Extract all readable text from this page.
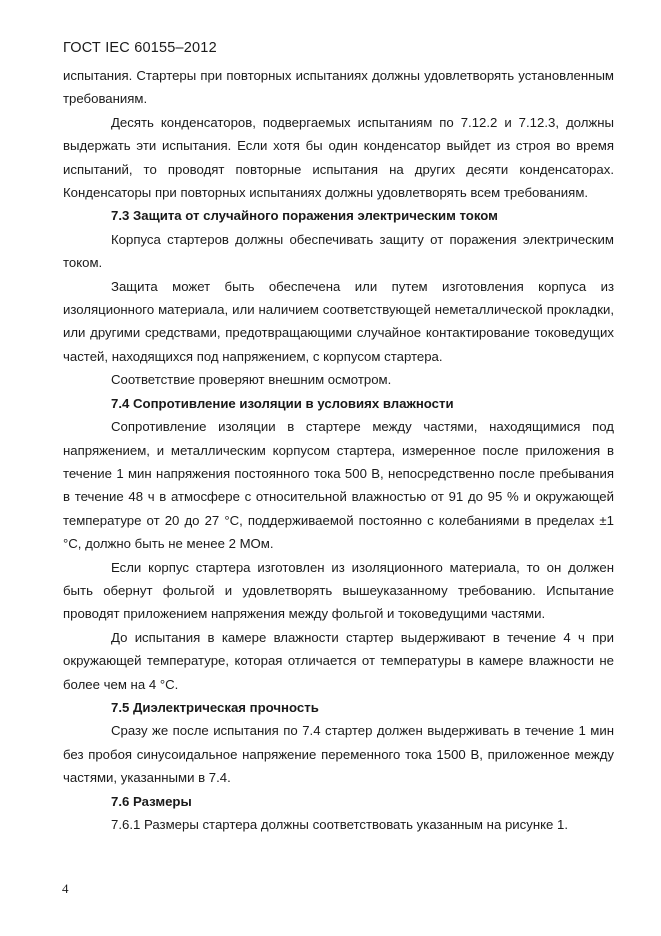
ГОСТ IEC 60155–2012

испытания. Стартеры при повторных испытаниях должны удовлетворять установленным требованиям.

Десять конденсаторов, подвергаемых испытаниям по 7.12.2 и 7.12.3, должны выдержать эти испытания. Если хотя бы один конденсатор выйдет из строя во время испытаний, то проводят повторные испытания на других десяти конденсаторах. Конденсаторы при повторных испытаниях должны удовлетворять всем требованиям.

7.3 Защита от случайного поражения электрическим током

Корпуса стартеров должны обеспечивать защиту от поражения электрическим током.

Защита может быть обеспечена или путем изготовления корпуса из изоляционного материала, или наличием соответствующей неметаллической прокладки, или другими средствами, предотвращающими случайное контактирование токоведущих частей, находящихся под напряжением, с корпусом стартера.

Соответствие проверяют внешним осмотром.

7.4 Сопротивление изоляции в условиях влажности

Сопротивление изоляции в стартере между частями, находящимися под напряжением, и металлическим корпусом стартера, измеренное после приложения в течение 1 мин напряжения постоянного тока 500 В, непосредственно после пребывания в течение 48 ч в атмосфере с относительной влажностью от 91 до 95 % и окружающей температуре от 20 до 27 °С, поддерживаемой постоянно с колебаниями в пределах ±1 °С, должно быть не менее 2 МОм.

Если корпус стартера изготовлен из изоляционного материала, то он должен быть обернут фольгой и удовлетворять вышеуказанному требованию. Испытание проводят приложением напряжения между фольгой и токоведущими частями.

До испытания в камере влажности стартер выдерживают в течение 4 ч при окружающей температуре, которая отличается от температуры в камере влажности не более чем на 4 °С.

7.5 Диэлектрическая прочность

Сразу же после испытания по 7.4 стартер должен выдерживать в течение 1 мин без пробоя синусоидальное напряжение переменного тока 1500 В, приложенное между частями, указанными в 7.4.

7.6 Размеры

7.6.1 Размеры стартера должны соответствовать указанным на рисунке 1.

4
